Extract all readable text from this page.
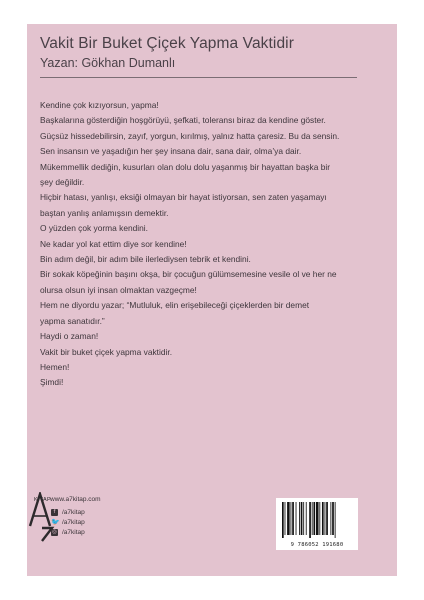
Vakit Bir Buket Çiçek Yapma Vaktidir
Yazan: Gökhan Dumanlı
Kendine çok kızıyorsun, yapma!
Başkalarına gösterdiğin hoşgörüyü, şefkati, toleransı biraz da kendine göster.
Güçsüz hissedebilirsin, zayıf, yorgun, kırılmış, yalnız hatta çaresiz. Bu da sensin.
Sen insansın ve yaşadığın her şey insana dair, sana dair, olma’ya dair.
Mükemmellik dediğin, kusurları olan dolu dolu yaşanmış bir hayattan başka bir
şey değildir.
Hiçbir hatası, yanlışı, eksiği olmayan bir hayat istiyorsan, sen zaten yaşamayı
baştan yanlış anlamışsın demektir.
O yüzden çok yorma kendini.
Ne kadar yol kat ettim diye sor kendine!
Bin adım değil, bir adım bile ilerlediysen tebrik et kendini.
Bir sokak köpeğinin başını okşa, bir çocuğun gülümsemesine vesile ol ve her ne
olursa olsun iyi insan olmaktan vazgeçme!
Hem ne diyordu yazar; “Mutluluk, elin erişebileceği çiçeklerden bir demet
yapma sanatıdır.”
Haydi o zaman!
Vakit bir buket çiçek yapma vaktidir.
Hemen!
Şimdi!
KİTAP www.a7kitap.com
f	/a7kitap
🐦 /a7kitap
◎ /a7kitap
9 786052 191680
